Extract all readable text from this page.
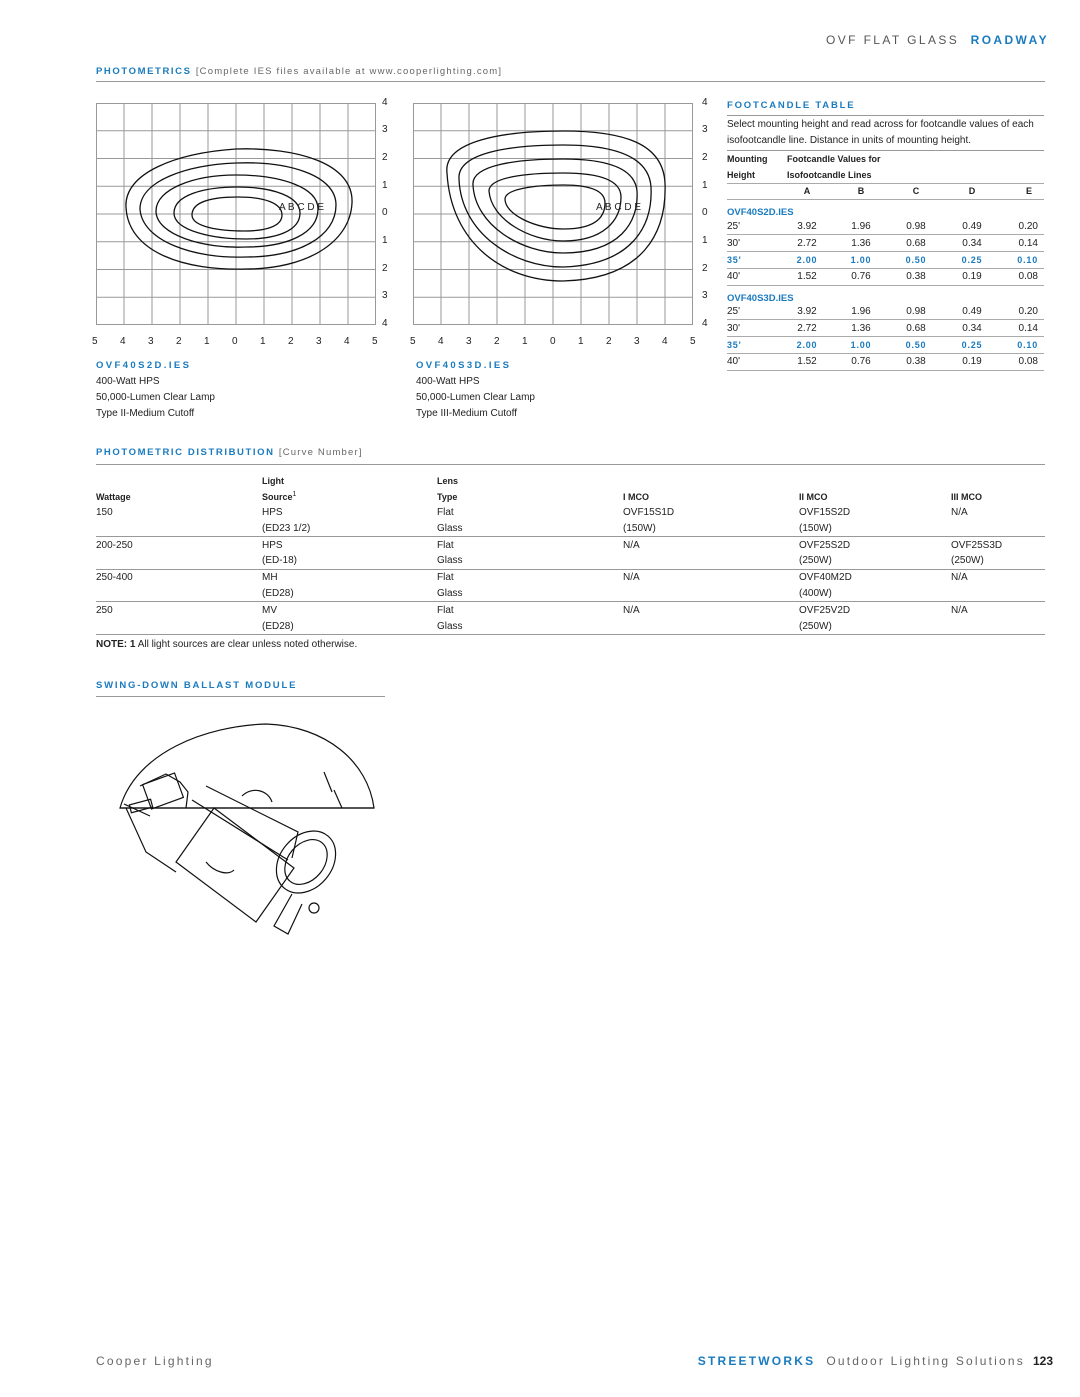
OVF FLAT GLASS ROADWAY
PHOTOMETRICS [Complete IES files available at www.cooperlighting.com]
A B C D E
4
3
2
1
0
1
2
3
4
5 4 3 2 1 0 1 2 3 4 5
A B C D E
4
3
2
1
0
1
2
3
4
5 4 3 2 1 0 1 2 3 4 5
OVF40S2D.IES
400-Watt HPS
50,000-Lumen Clear Lamp
Type II-Medium Cutoff
OVF40S3D.IES
400-Watt HPS
50,000-Lumen Clear Lamp
Type III-Medium Cutoff
FOOTCANDLE TABLE
Select mounting height and read across for footcandle values of each isofootcandle line. Distance in units of mounting height.
Mounting	Footcandle Values for				
Height	Isofootcandle Lines				
	A	B	C	D	E
OVF40S2D.IES					
25'	3.92	1.96	0.98	0.49	0.20
30'	2.72	1.36	0.68	0.34	0.14
35'	2.00	1.00	0.50	0.25	0.10
40'	1.52	0.76	0.38	0.19	0.08
OVF40S3D.IES					
25'	3.92	1.96	0.98	0.49	0.20
30'	2.72	1.36	0.68	0.34	0.14
35'	2.00	1.00	0.50	0.25	0.10
40'	1.52	0.76	0.38	0.19	0.08
PHOTOMETRIC DISTRIBUTION [Curve Number]
	Light	Lens			
Wattage	Source$^1$	Type	I MCO	II MCO	III MCO
150	HPS	Flat	OVF15S1D	OVF15S2D	N/A
	(ED23 1/2)	Glass	(150W)	(150W)	
200-250	HPS	Flat	N/A	OVF25S2D	OVF25S3D
	(ED-18)	Glass		(250W)	(250W)
250-400	MH	Flat	N/A	OVF40M2D	N/A
	(ED28)	Glass		(400W)	
250	MV	Flat	N/A	OVF25V2D	N/A
	(ED28)	Glass		(250W)	
NOTE: 1 All light sources are clear unless noted otherwise.
SWING-DOWN BALLAST MODULE
Cooper Lighting	STREETWORKS Outdoor Lighting Solutions 123
